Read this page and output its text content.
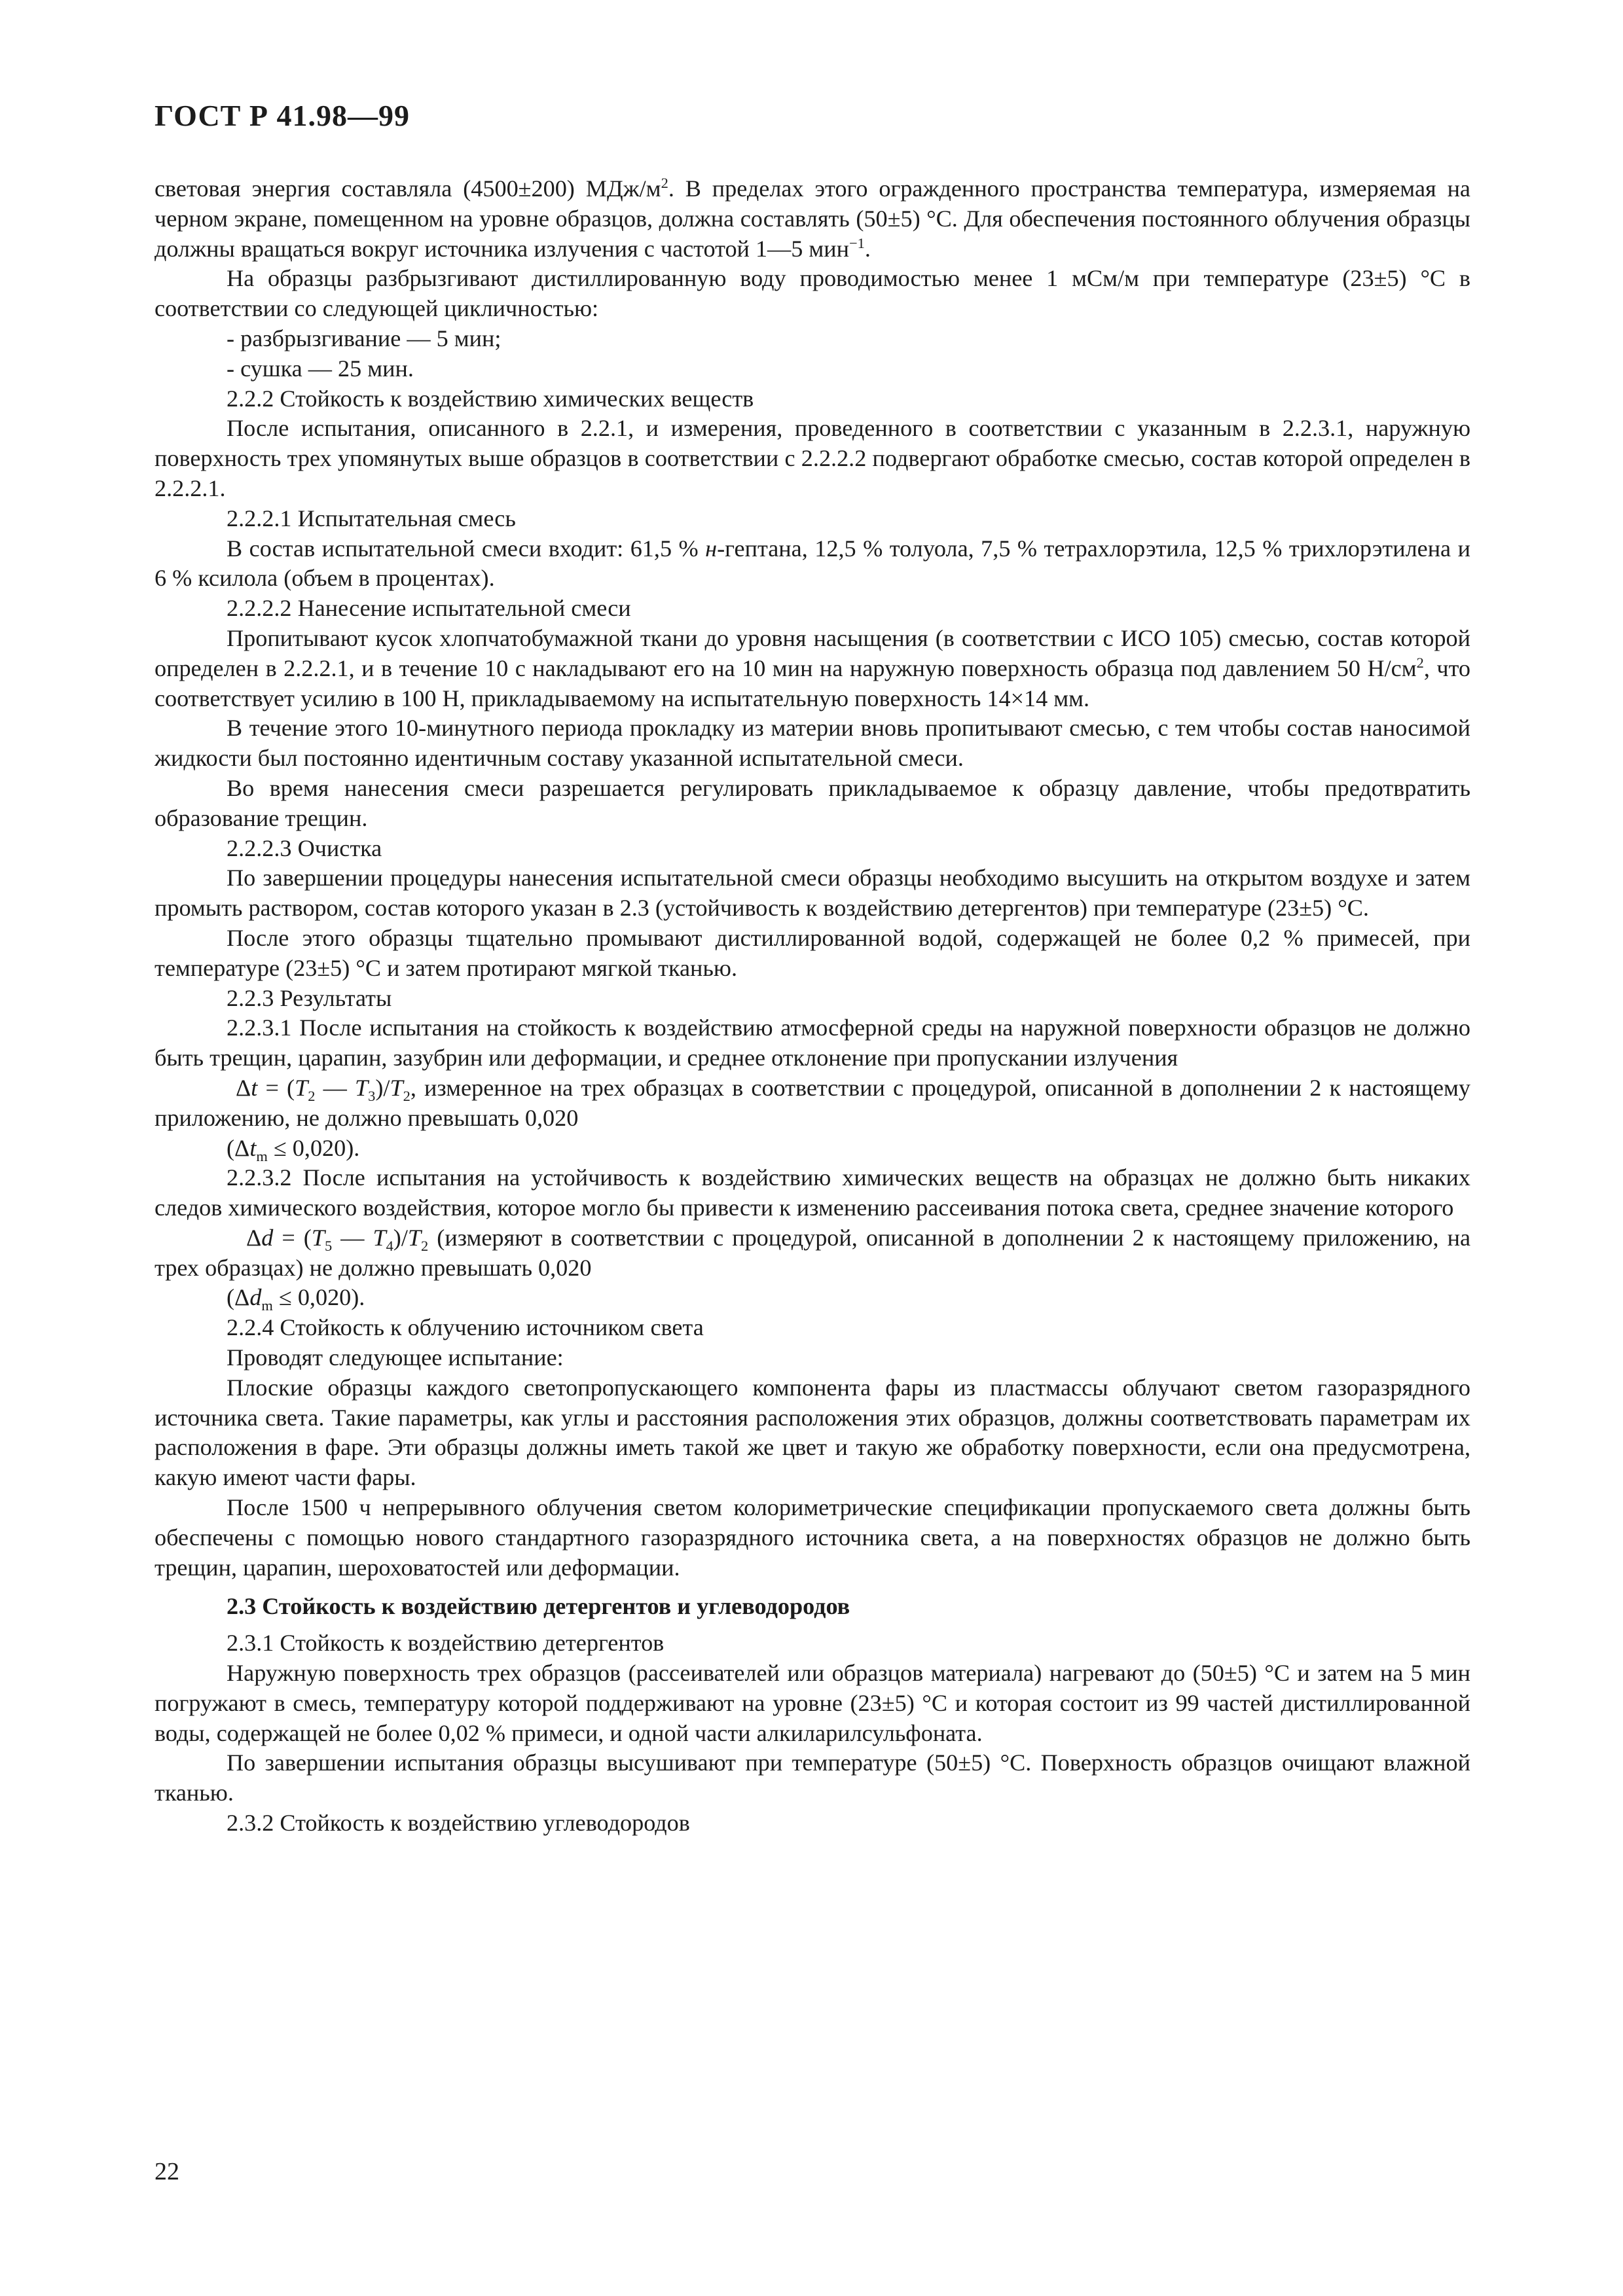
ГОСТ Р 41.98—99

световая энергия составляла (4500±200) МДж/$м^2$. В пределах этого огражденного пространства температура, измеряемая на черном экране, помещенном на уровне образцов, должна составлять (50±5) °С. Для обеспечения постоянного облучения образцы должны вращаться вокруг источника излучения с частотой 1—5 мин$^{-1}$.

На образцы разбрызгивают дистиллированную воду проводимостью менее 1 мСм/м при температуре (23±5) °С в соответствии со следующей цикличностью:

- разбрызгивание — 5 мин;

- сушка — 25 мин.

2.2.2 Стойкость к воздействию химических веществ

После испытания, описанного в 2.2.1, и измерения, проведенного в соответствии с указанным в 2.2.3.1, наружную поверхность трех упомянутых выше образцов в соответствии с 2.2.2.2 подвергают обработке смесью, состав которой определен в 2.2.2.1.

2.2.2.1 Испытательная смесь

В состав испытательной смеси входит: 61,5 % н-гептана, 12,5 % толуола, 7,5 % тетрахлорэтила, 12,5 % трихлорэтилена и 6 % ксилола (объем в процентах).

2.2.2.2 Нанесение испытательной смеси

Пропитывают кусок хлопчатобумажной ткани до уровня насыщения (в соответствии с ИСО 105) смесью, состав которой определен в 2.2.2.1, и в течение 10 с накладывают его на 10 мин на наружную поверхность образца под давлением 50 $Н/см^2$, что соответствует усилию в 100 Н, прикладываемому на испытательную поверхность 14×14 мм.

В течение этого 10-минутного периода прокладку из материи вновь пропитывают смесью, с тем чтобы состав наносимой жидкости был постоянно идентичным составу указанной испытательной смеси.

Во время нанесения смеси разрешается регулировать прикладываемое к образцу давление, чтобы предотвратить образование трещин.

2.2.2.3 Очистка

По завершении процедуры нанесения испытательной смеси образцы необходимо высушить на открытом воздухе и затем промыть раствором, состав которого указан в 2.3 (устойчивость к воздействию детергентов) при температуре (23±5) °С.

После этого образцы тщательно промывают дистиллированной водой, содержащей не более 0,2 % примесей, при температуре (23±5) °С и затем протирают мягкой тканью.

2.2.3 Результаты

2.2.3.1 После испытания на стойкость к воздействию атмосферной среды на наружной поверхности образцов не должно быть трещин, царапин, зазубрин или деформации, и среднее отклонение при пропускании излучения

$\Delta t = (T_2$ — $T_3)/T_2$, измеренное на трех образцах в соответствии с процедурой, описанной в дополнении 2 к настоящему приложению, не должно превышать 0,020

$(\Delta t_m \le 0,020)$.

2.2.3.2 После испытания на устойчивость к воздействию химических веществ на образцах не должно быть никаких следов химического воздействия, которое могло бы привести к изменению рассеивания потока света, среднее значение которого

$\Delta d = (T_5$ — $T_4)/T_2$ (измеряют в соответствии с процедурой, описанной в дополнении 2 к настоящему приложению, на трех образцах) не должно превышать 0,020

$(\Delta d_m \le 0,020)$.

2.2.4 Стойкость к облучению источником света

Проводят следующее испытание:

Плоские образцы каждого светопропускающего компонента фары из пластмассы облучают светом газоразрядного источника света. Такие параметры, как углы и расстояния расположения этих образцов, должны соответствовать параметрам их расположения в фаре. Эти образцы должны иметь такой же цвет и такую же обработку поверхности, если она предусмотрена, какую имеют части фары.

После 1500 ч непрерывного облучения светом колориметрические спецификации пропускаемого света должны быть обеспечены с помощью нового стандартного газоразрядного источника света, а на поверхностях образцов не должно быть трещин, царапин, шероховатостей или деформации.

2.3 Стойкость к воздействию детергентов и углеводородов

2.3.1 Стойкость к воздействию детергентов

Наружную поверхность трех образцов (рассеивателей или образцов материала) нагревают до (50±5) °С и затем на 5 мин погружают в смесь, температуру которой поддерживают на уровне (23±5) °С и которая состоит из 99 частей дистиллированной воды, содержащей не более 0,02 % примеси, и одной части алкиларилсульфоната.

По завершении испытания образцы высушивают при температуре (50±5) °С. Поверхность образцов очищают влажной тканью.

2.3.2 Стойкость к воздействию углеводородов

22
